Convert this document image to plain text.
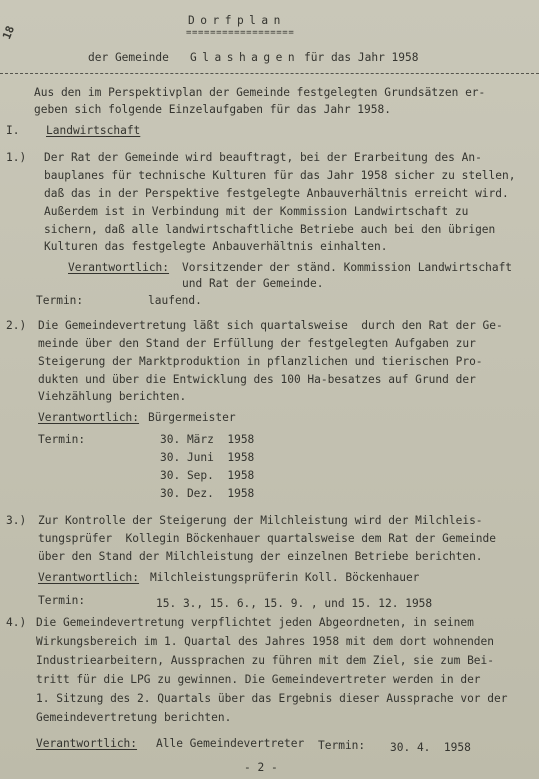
18
Dorfplan
==================
der Gemeinde Glashagen für das Jahr 1958
Aus den im Perspektivplan der Gemeinde festgelegten Grundsätzen er-
geben sich folgende Einzelaufgaben für das Jahr 1958.
I. Landwirtschaft
1.) Der Rat der Gemeinde wird beauftragt, bei der Erarbeitung des An-
bauplanes für technische Kulturen für das Jahr 1958 sicher zu stellen,
daß das in der Perspektive festgelegte Anbauverhältnis erreicht wird.
Außerdem ist in Verbindung mit der Kommission Landwirtschaft zu
sichern, daß alle landwirtschaftliche Betriebe auch bei den übrigen
Kulturen das festgelegte Anbauverhältnis einhalten.
Verantwortlich: Vorsitzender der ständ. Kommission Landwirtschaft
und Rat der Gemeinde.
Termin:	laufend.
2.) Die Gemeindevertretung läßt sich quartalsweise  durch den Rat der Ge-
meinde über den Stand der Erfüllung der festgelegten Aufgaben zur
Steigerung der Marktproduktion in pflanzlichen und tierischen Pro-
dukten und über die Entwicklung des 100 Ha-besatzes auf Grund der
Viehzählung berichten.
Verantwortlich: Bürgermeister
Termin:	30. März  1958
30. Juni  1958
30. Sep.  1958
30. Dez.  1958
3.) Zur Kontrolle der Steigerung der Milchleistung wird der Milchleis-
tungsprüfer  Kollegin Böckenhauer quartalsweise dem Rat der Gemeinde
über den Stand der Milchleistung der einzelnen Betriebe berichten.
Verantwortlich: Milchleistungsprüferin Koll. Böckenhauer
Termin:	15. 3., 15. 6., 15. 9. , und 15. 12. 1958
4.) Die Gemeindevertretung verpflichtet jeden Abgeordneten, in seinem
Wirkungsbereich im 1. Quartal des Jahres 1958 mit dem dort wohnenden
Industriearbeitern, Aussprachen zu führen mit dem Ziel, sie zum Bei-
tritt für die LPG zu gewinnen. Die Gemeindevertreter werden in der
1. Sitzung des 2. Quartals über das Ergebnis dieser Aussprache vor der
Gemeindevertretung berichten.
Verantwortlich: Alle Gemeindevertreter Termin: 30. 4.  1958
- 2 -
